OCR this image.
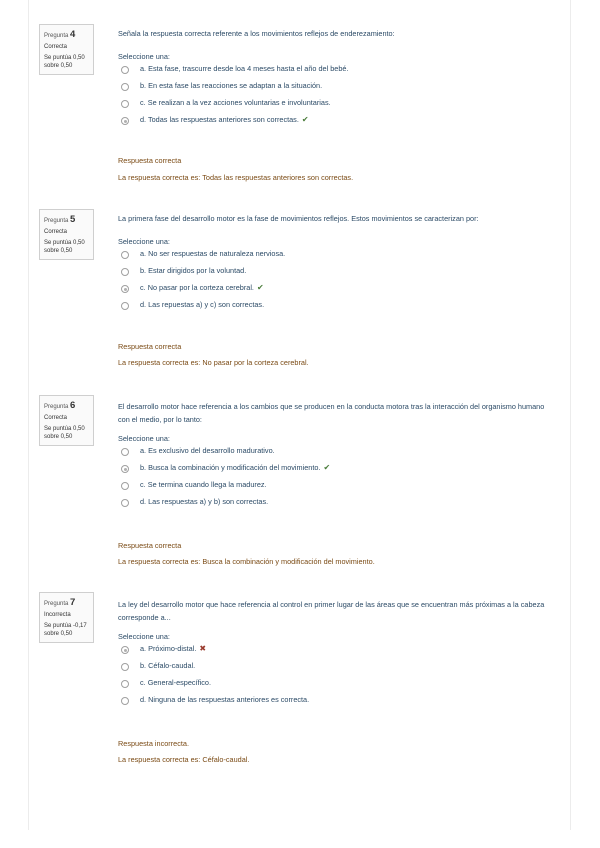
Pregunta 4
Correcta
Se puntúa 0,50
sobre 0,50
Señala la respuesta correcta referente a los movimientos reflejos de enderezamiento:
Seleccione una:
a. Esta fase, trascurre desde loa 4 meses hasta el año del bebé.
b. En esta fase las reacciones se adaptan a la situación.
c. Se realizan a la vez acciones voluntarias e involuntarias.
d. Todas las respuestas anteriores son correctas. ✔
Respuesta correcta
La respuesta correcta es: Todas las respuestas anteriores son correctas.
Pregunta 5
Correcta
Se puntúa 0,50
sobre 0,50
La primera fase del desarrollo motor es la fase de movimientos reflejos. Estos movimientos se caracterizan por:
Seleccione una:
a. No ser respuestas de naturaleza nerviosa.
b. Estar dirigidos por la voluntad.
c. No pasar por la corteza cerebral. ✔
d. Las repuestas a) y c) son correctas.
Respuesta correcta
La respuesta correcta es: No pasar por la corteza cerebral.
Pregunta 6
Correcta
Se puntúa 0,50
sobre 0,50
El desarrollo motor hace referencia a los cambios que se producen en la conducta motora tras la interacción del organismo humano con el medio, por lo tanto:
Seleccione una:
a. Es exclusivo del desarrollo madurativo.
b. Busca la combinación y modificación del movimiento. ✔
c. Se termina cuando llega la madurez.
d. Las respuestas a) y b) son correctas.
Respuesta correcta
La respuesta correcta es: Busca la combinación y modificación del movimiento.
Pregunta 7
Incorrecta
Se puntúa -0,17
sobre 0,50
La ley del desarrollo motor que hace referencia al control en primer lugar de las áreas que se encuentran más próximas a la cabeza corresponde a...
Seleccione una:
a. Próximo-distal. ✖
b. Céfalo-caudal.
c. General-específico.
d. Ninguna de las respuestas anteriores es correcta.
Respuesta incorrecta.
La respuesta correcta es: Céfalo-caudal.
